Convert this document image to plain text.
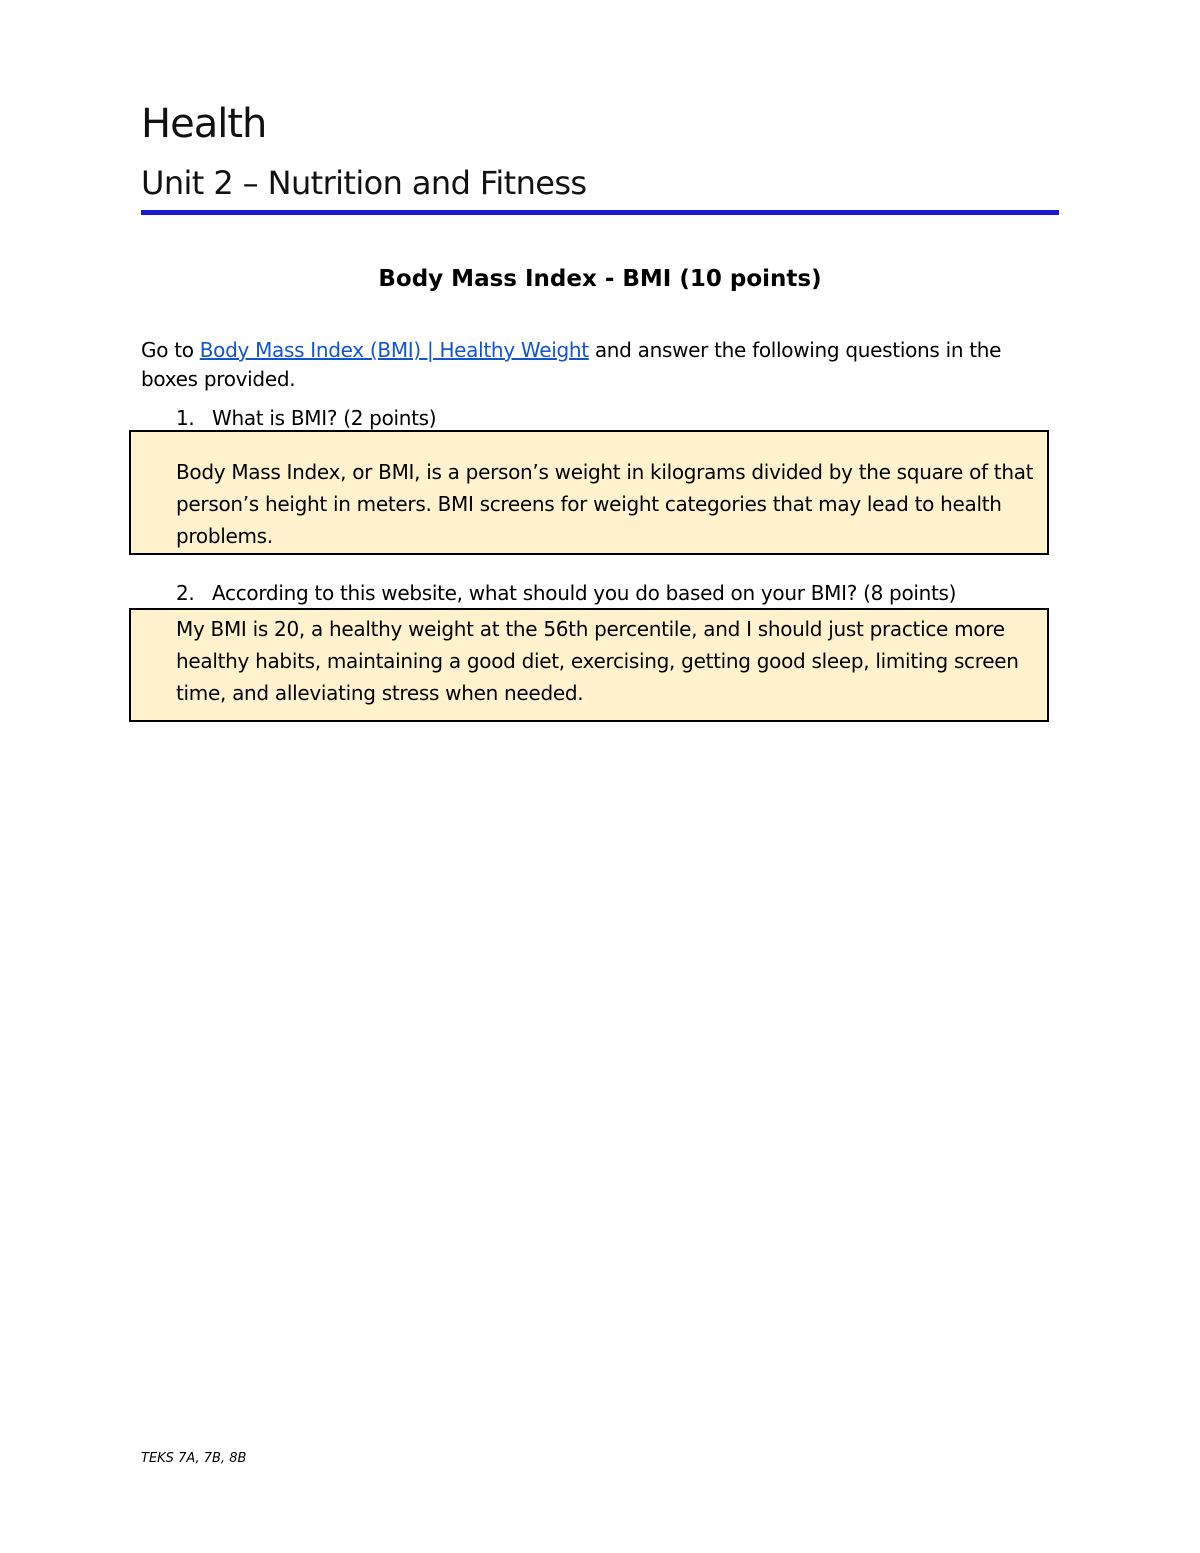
Health
Unit 2 – Nutrition and Fitness
Body Mass Index - BMI (10 points)

Go to Body Mass Index (BMI) | Healthy Weight and answer the following questions in the boxes provided.

1. What is BMI? (2 points)

Body Mass Index, or BMI, is a person’s weight in kilograms divided by the square of that person’s height in meters. BMI screens for weight categories that may lead to health problems.

2. According to this website, what should you do based on your BMI? (8 points)

My BMI is 20, a healthy weight at the 56th percentile, and I should just practice more healthy habits, maintaining a good diet, exercising, getting good sleep, limiting screen time, and alleviating stress when needed.

TEKS 7A, 7B, 8B
